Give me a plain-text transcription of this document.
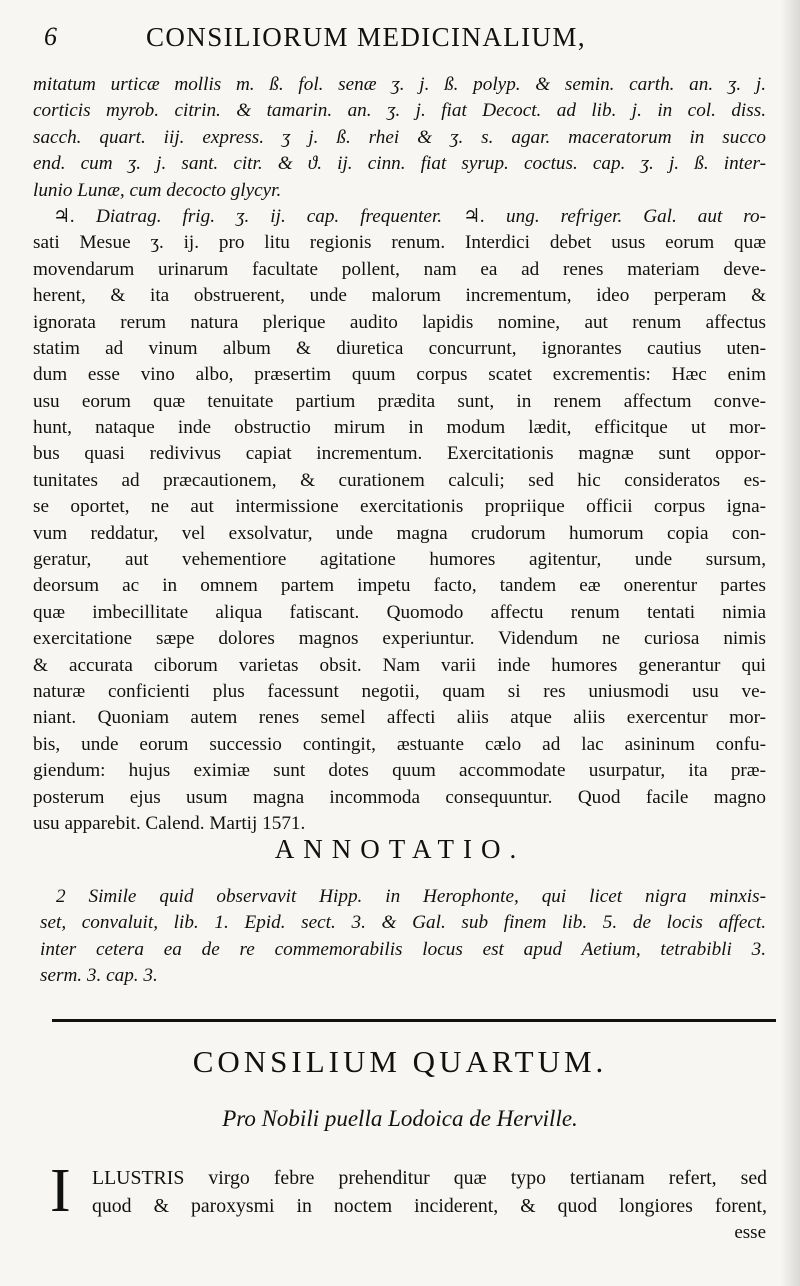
6	CONSILIORUM MEDICINALIUM,
mitatum urticæ mollis m. ß. fol. senæ ʒ. j. ß. polyp. & semin. carth. an. ʒ. j.
corticis myrob. citrin. & tamarin. an. ʒ. j. fiat Decoct. ad lib. j. in col. diss.
sacch. quart. iij. express. ʒ j. ß. rhei & ʒ. s. agar. maceratorum in succo
end. cum ʒ. j. sant. citr. & ϑ. ij. cinn. fiat syrup. coctus. cap. ʒ. j. ß. inter-
lunio Lunæ, cum decocto glycyr.
♃. Diatrag. frig. ʒ. ij. cap. frequenter. ♃. ung. refriger. Gal. aut ro-
sati Mesue ʒ. ij. pro litu regionis renum. Interdici debet usus eorum quæ
movendarum urinarum facultate pollent, nam ea ad renes materiam deve-
herent, & ita obstruerent, unde malorum incrementum, ideo perperam &
ignorata rerum natura plerique audito lapidis nomine, aut renum affectus
statim ad vinum album & diuretica concurrunt, ignorantes cautius uten-
dum esse vino albo, præsertim quum corpus scatet excrementis: Hæc enim
usu eorum quæ tenuitate partium prædita sunt, in renem affectum conve-
hunt, nataque inde obstructio mirum in modum lædit, efficitque ut mor-
bus quasi redivivus capiat incrementum. Exercitationis magnæ sunt oppor-
tunitates ad præcautionem, & curationem calculi; sed hic consideratos es-
se oportet, ne aut intermissione exercitationis propriique officii corpus igna-
vum reddatur, vel exsolvatur, unde magna crudorum humorum copia con-
geratur, aut vehementiore agitatione humores agitentur, unde sursum,
deorsum ac in omnem partem impetu facto, tandem eæ onerentur partes
quæ imbecillitate aliqua fatiscant. Quomodo affectu renum tentati nimia
exercitatione sæpe dolores magnos experiuntur. Videndum ne curiosa nimis
& accurata ciborum varietas obsit. Nam varii inde humores generantur qui
naturæ conficienti plus facessunt negotii, quam si res uniusmodi usu ve-
niant. Quoniam autem renes semel affecti aliis atque aliis exercentur mor-
bis, unde eorum successio contingit, æstuante cælo ad lac asininum confu-
giendum: hujus eximiæ sunt dotes quum accommodate usurpatur, ita præ-
posterum ejus usum magna incommoda consequuntur. Quod facile magno
usu apparebit. Calend. Martij 1571.
ANNOTATIO.
2 Simile quid observavit Hipp. in Herophonte, qui licet nigra minxis-
set, convaluit, lib. 1. Epid. sect. 3. & Gal. sub finem lib. 5. de locis affect.
inter cetera ea de re commemorabilis locus est apud Aetium, tetrabibli 3.
serm. 3. cap. 3.
CONSILIUM QUARTUM.
Pro Nobili puella Lodoica de Herville.
I LLUSTRIS virgo febre prehenditur quæ typo tertianam refert, sed
quod & paroxysmi in noctem inciderent, & quod longiores forent,
esse
